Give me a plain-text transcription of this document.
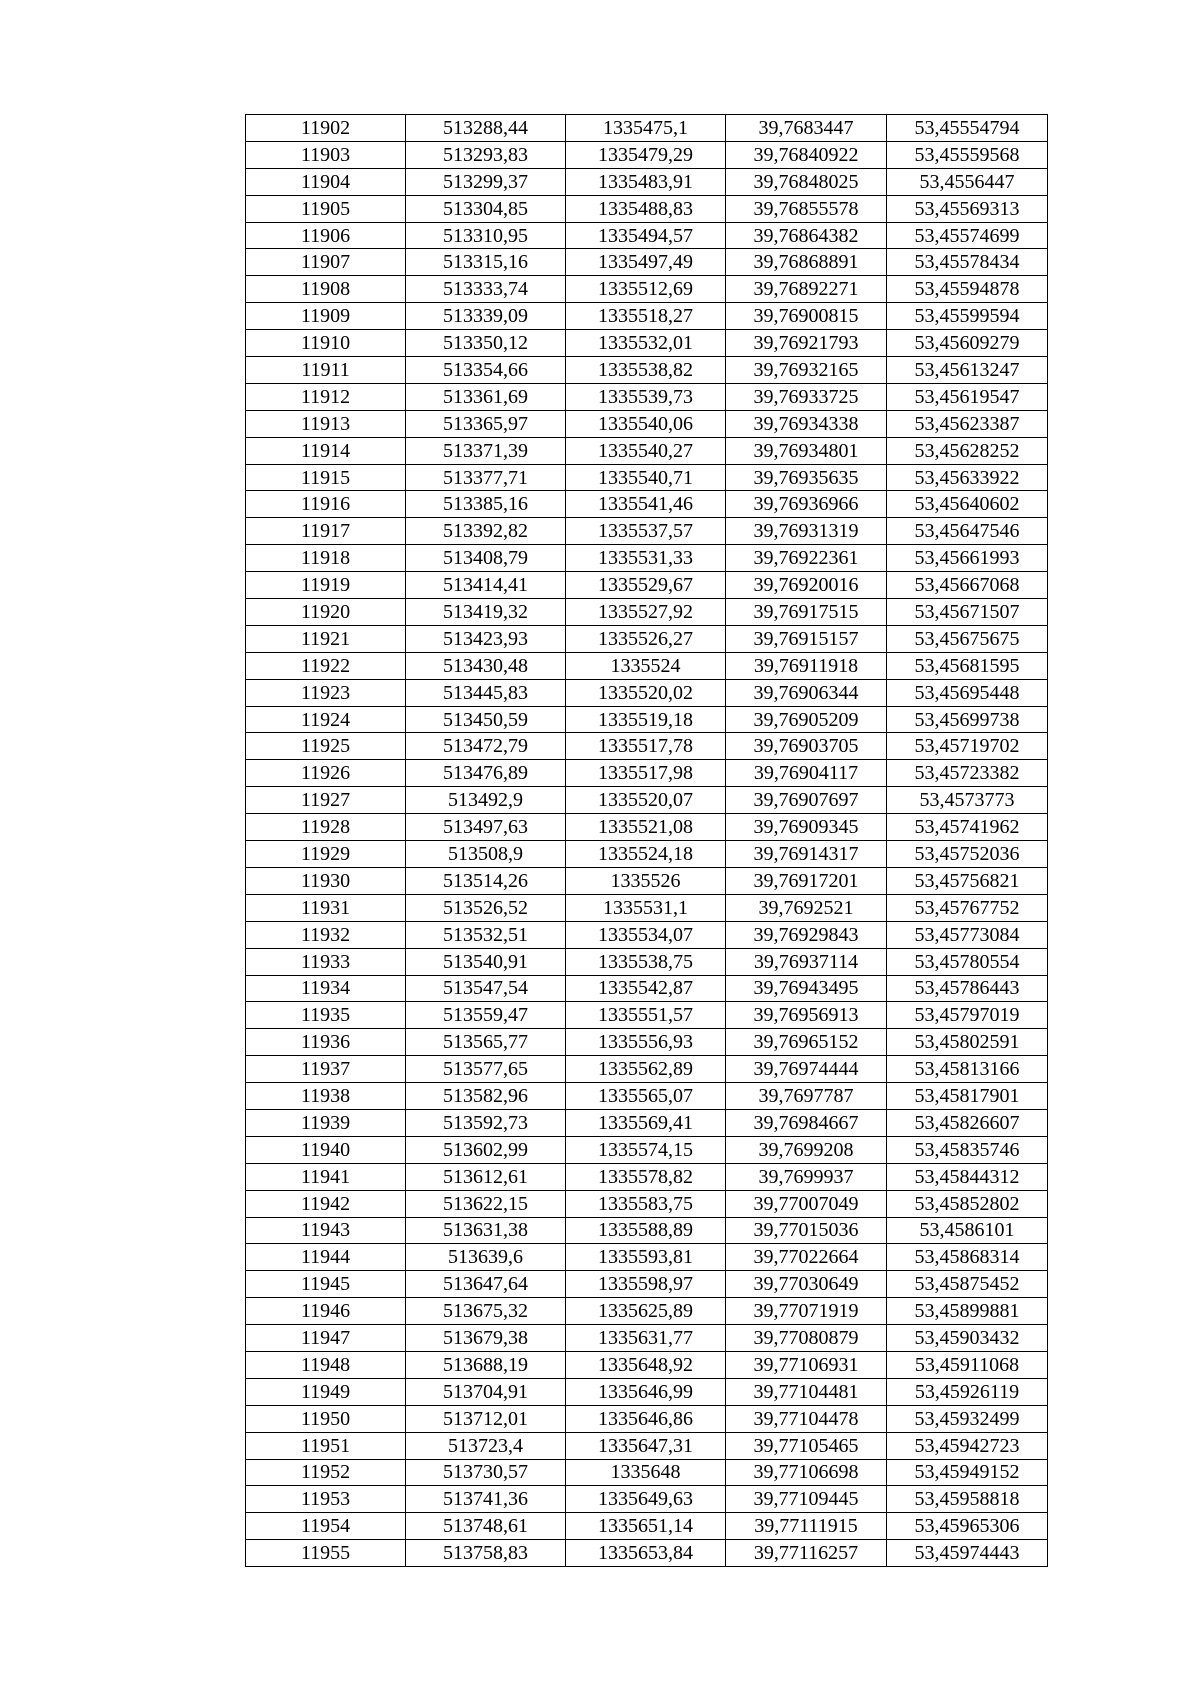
11902	513288,44	1335475,1	39,7683447	53,45554794
11903	513293,83	1335479,29	39,76840922	53,45559568
11904	513299,37	1335483,91	39,76848025	53,4556447
11905	513304,85	1335488,83	39,76855578	53,45569313
11906	513310,95	1335494,57	39,76864382	53,45574699
11907	513315,16	1335497,49	39,76868891	53,45578434
11908	513333,74	1335512,69	39,76892271	53,45594878
11909	513339,09	1335518,27	39,76900815	53,45599594
11910	513350,12	1335532,01	39,76921793	53,45609279
11911	513354,66	1335538,82	39,76932165	53,45613247
11912	513361,69	1335539,73	39,76933725	53,45619547
11913	513365,97	1335540,06	39,76934338	53,45623387
11914	513371,39	1335540,27	39,76934801	53,45628252
11915	513377,71	1335540,71	39,76935635	53,45633922
11916	513385,16	1335541,46	39,76936966	53,45640602
11917	513392,82	1335537,57	39,76931319	53,45647546
11918	513408,79	1335531,33	39,76922361	53,45661993
11919	513414,41	1335529,67	39,76920016	53,45667068
11920	513419,32	1335527,92	39,76917515	53,45671507
11921	513423,93	1335526,27	39,76915157	53,45675675
11922	513430,48	1335524	39,76911918	53,45681595
11923	513445,83	1335520,02	39,76906344	53,45695448
11924	513450,59	1335519,18	39,76905209	53,45699738
11925	513472,79	1335517,78	39,76903705	53,45719702
11926	513476,89	1335517,98	39,76904117	53,45723382
11927	513492,9	1335520,07	39,76907697	53,4573773
11928	513497,63	1335521,08	39,76909345	53,45741962
11929	513508,9	1335524,18	39,76914317	53,45752036
11930	513514,26	1335526	39,76917201	53,45756821
11931	513526,52	1335531,1	39,7692521	53,45767752
11932	513532,51	1335534,07	39,76929843	53,45773084
11933	513540,91	1335538,75	39,76937114	53,45780554
11934	513547,54	1335542,87	39,76943495	53,45786443
11935	513559,47	1335551,57	39,76956913	53,45797019
11936	513565,77	1335556,93	39,76965152	53,45802591
11937	513577,65	1335562,89	39,76974444	53,45813166
11938	513582,96	1335565,07	39,7697787	53,45817901
11939	513592,73	1335569,41	39,76984667	53,45826607
11940	513602,99	1335574,15	39,7699208	53,45835746
11941	513612,61	1335578,82	39,7699937	53,45844312
11942	513622,15	1335583,75	39,77007049	53,45852802
11943	513631,38	1335588,89	39,77015036	53,4586101
11944	513639,6	1335593,81	39,77022664	53,45868314
11945	513647,64	1335598,97	39,77030649	53,45875452
11946	513675,32	1335625,89	39,77071919	53,45899881
11947	513679,38	1335631,77	39,77080879	53,45903432
11948	513688,19	1335648,92	39,77106931	53,45911068
11949	513704,91	1335646,99	39,77104481	53,45926119
11950	513712,01	1335646,86	39,77104478	53,45932499
11951	513723,4	1335647,31	39,77105465	53,45942723
11952	513730,57	1335648	39,77106698	53,45949152
11953	513741,36	1335649,63	39,77109445	53,45958818
11954	513748,61	1335651,14	39,77111915	53,45965306
11955	513758,83	1335653,84	39,77116257	53,45974443
